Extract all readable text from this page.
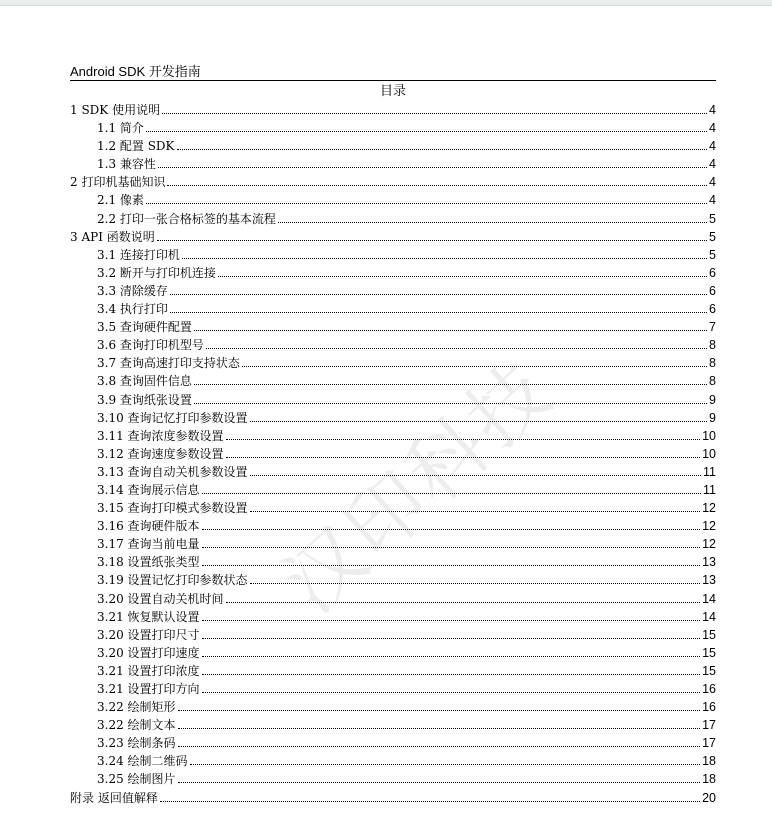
Android SDK 开发指南
目录
1 SDK 使用说明	4
1.1 简介	4
1.2 配置 SDK	4
1.3 兼容性	4
2 打印机基础知识	4
2.1 像素	4
2.2 打印一张合格标签的基本流程	5
3 API 函数说明	5
3.1 连接打印机	5
3.2 断开与打印机连接	6
3.3 清除缓存	6
3.4 执行打印	6
3.5 查询硬件配置	7
3.6 查询打印机型号	8
3.7 查询高速打印支持状态	8
3.8 查询固件信息	8
3.9 查询纸张设置	9
3.10 查询记忆打印参数设置	9
3.11 查询浓度参数设置	10
3.12 查询速度参数设置	10
3.13 查询自动关机参数设置	11
3.14 查询展示信息	11
3.15 查询打印模式参数设置	12
3.16 查询硬件版本	12
3.17 查询当前电量	12
3.18 设置纸张类型	13
3.19 设置记忆打印参数状态	13
3.20 设置自动关机时间	14
3.21 恢复默认设置	14
3.20 设置打印尺寸	15
3.20 设置打印速度	15
3.21 设置打印浓度	15
3.21 设置打印方向	16
3.22 绘制矩形	16
3.22 绘制文本	17
3.23 绘制条码	17
3.24 绘制二维码	18
3.25 绘制图片	18
附录 返回值解释	20
汉印科技
